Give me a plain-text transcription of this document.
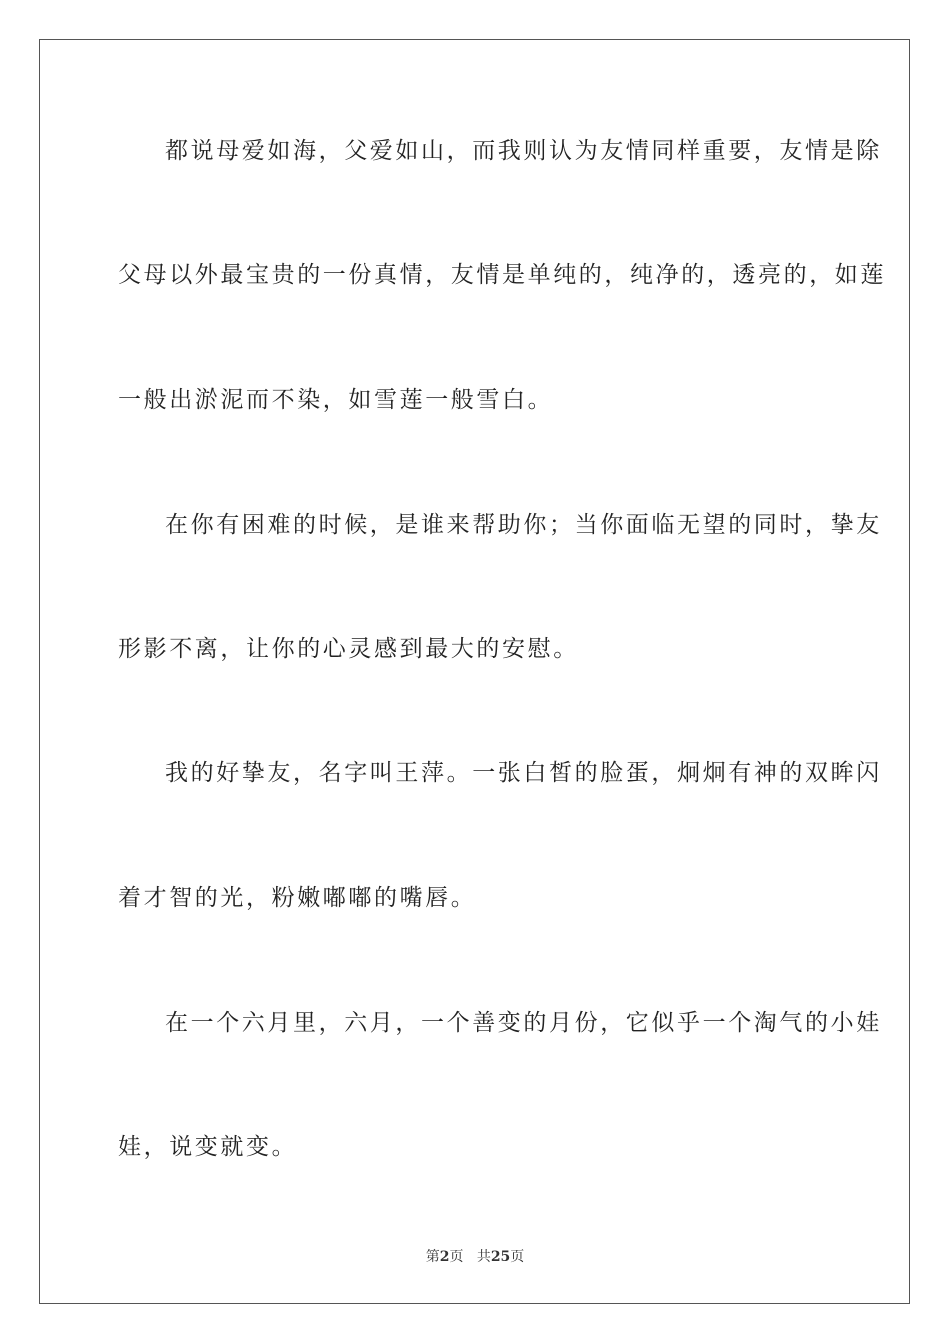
都说母爱如海，父爱如山，而我则认为友情同样重要，友情是除
父母以外最宝贵的一份真情，友情是单纯的，纯净的，透亮的，如莲
一般出淤泥而不染，如雪莲一般雪白。
在你有困难的时候，是谁来帮助你；当你面临无望的同时，挚友
形影不离，让你的心灵感到最大的安慰。
我的好挚友，名字叫王萍。一张白皙的脸蛋，炯炯有神的双眸闪
着才智的光，粉嫩嘟嘟的嘴唇。
在一个六月里，六月，一个善变的月份，它似乎一个淘气的小娃
娃，说变就变。
第2页 共25页
